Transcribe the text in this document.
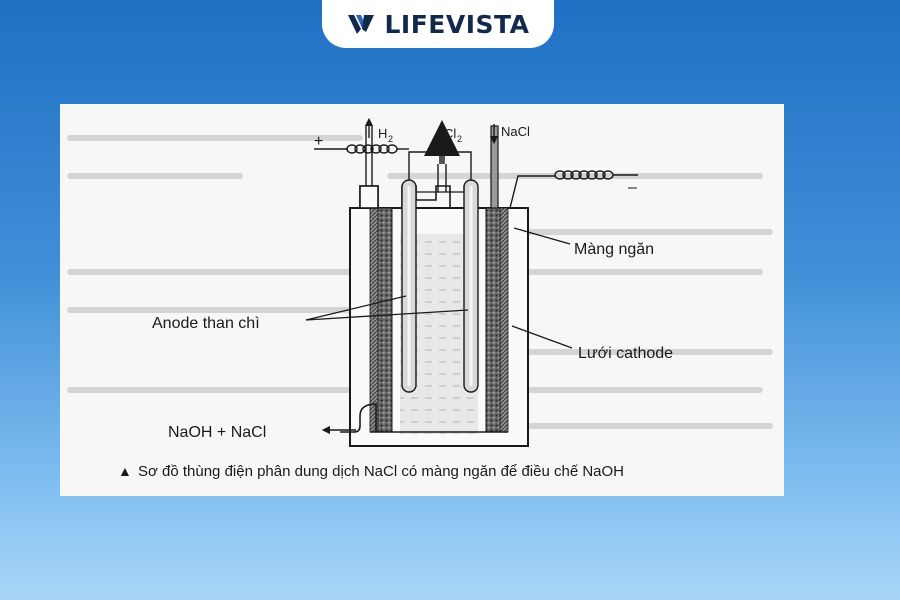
LIFEVISTA
+
–
H 2	Cl 2	NaCl
Màng ngăn
Anode than chì
Lưới cathode
NaOH + NaCl
▲ Sơ đồ thùng điện phân dung dịch NaCl có màng ngăn để điều chế NaOH
